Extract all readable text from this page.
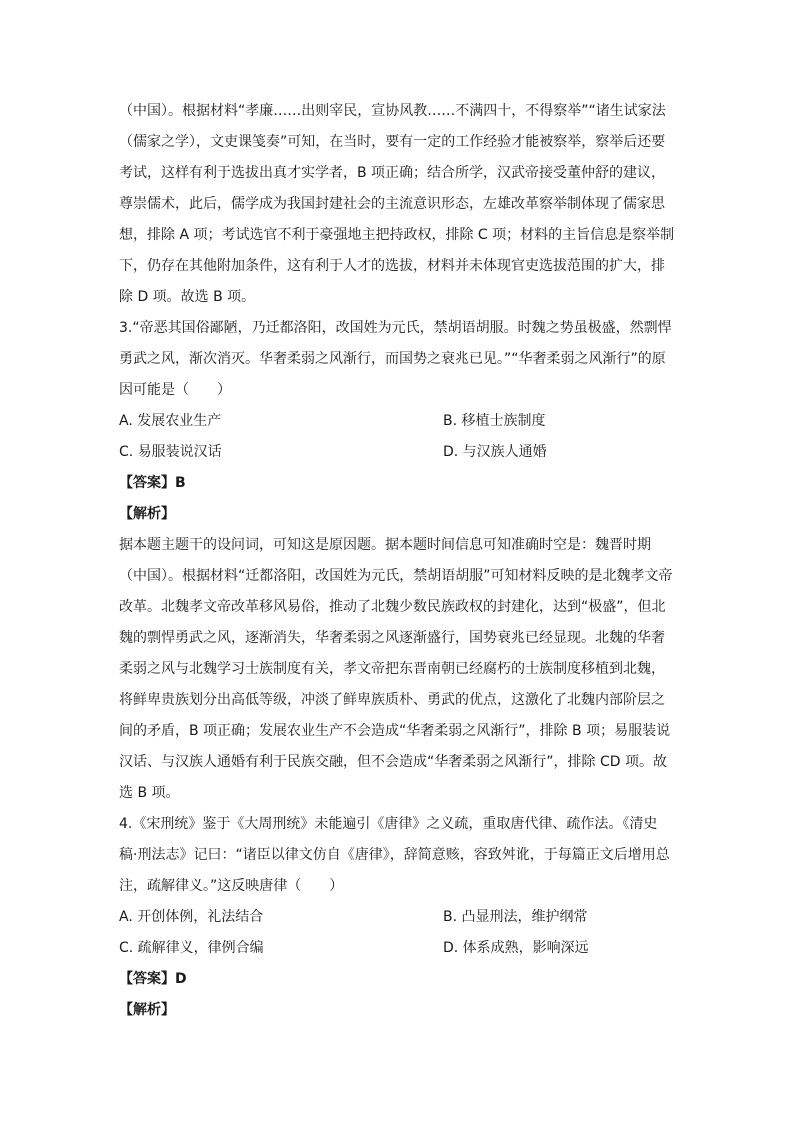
（中国）。根据材料“孝廉……出则宰民，宣协风教……不满四十，不得察举”“诸生试家法
（儒家之学），文吏课笺奏”可知，在当时，要有一定的工作经验才能被察举，察举后还要
考试，这样有利于选拔出真才实学者，B 项正确；结合所学，汉武帝接受董仲舒的建议，
尊崇儒术，此后，儒学成为我国封建社会的主流意识形态，左雄改革察举制体现了儒家思
想，排除 A 项；考试选官不利于豪强地主把持政权，排除 C 项；材料的主旨信息是察举制
下，仍存在其他附加条件，这有利于人才的选拔，材料并未体现官吏选拔范围的扩大，排
除 D 项。故选 B 项。
3.“帝恶其国俗鄙陋，乃迁都洛阳，改国姓为元氏，禁胡语胡服。时魏之势虽极盛，然剽悍
勇武之风，渐次消灭。华奢柔弱之风渐行，而国势之衰兆已见。”“华奢柔弱之风渐行”的原
因可能是（　　）
A. 发展农业生产	B. 移植士族制度
C. 易服装说汉话	D. 与汉族人通婚
【答案】B
【解析】
据本题主题干的设问词，可知这是原因题。据本题时间信息可知准确时空是：魏晋时期
（中国）。根据材料“迁都洛阳，改国姓为元氏，禁胡语胡服”可知材料反映的是北魏孝文帝
改革。北魏孝文帝改革移风易俗，推动了北魏少数民族政权的封建化，达到“极盛”，但北
魏的剽悍勇武之风，逐渐消失，华奢柔弱之风逐渐盛行，国势衰兆已经显现。北魏的华奢
柔弱之风与北魏学习士族制度有关，孝文帝把东晋南朝已经腐朽的士族制度移植到北魏，
将鲜卑贵族划分出高低等级，冲淡了鲜卑族质朴、勇武的优点，这激化了北魏内部阶层之
间的矛盾，B 项正确；发展农业生产不会造成“华奢柔弱之风渐行”，排除 B 项；易服装说
汉话、与汉族人通婚有利于民族交融，但不会造成“华奢柔弱之风渐行”，排除 CD 项。故
选 B 项。
4.《宋刑统》鉴于《大周刑统》未能遍引《唐律》之义疏，重取唐代律、疏作法。《清史
稿·刑法志》记曰：“诸臣以律文仿自《唐律》，辞简意赅，容致舛讹，于每篇正文后增用总
注，疏解律义。”这反映唐律（　　）
A. 开创体例，礼法结合	B. 凸显刑法，维护纲常
C. 疏解律义，律例合编	D. 体系成熟，影响深远
【答案】D
【解析】
